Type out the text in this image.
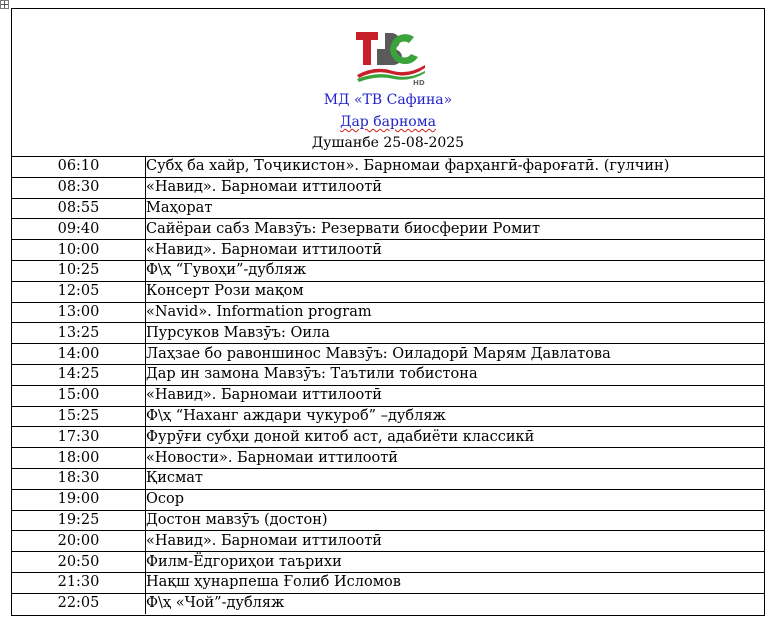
HD
МД «ТВ Сафина»
Дар барнома
Душанбе 25-08-2025
06:10	Субҳ ба хайр, Тоҷикистон». Барномаи фарҳангӣ-фароғатӣ. (гулчин)
08:30	«Навид». Барномаи иттилоотӣ
08:55	Маҳорат
09:40	Сайёраи сабз Мавзӯъ: Резервати биосферии Ромит
10:00	«Навид». Барномаи иттилоотӣ
10:25	Ф\ҳ “Гувоҳи”-дубляж
12:05	Консерт Рози мақом
13:00	«Navid». Information program
13:25	Пурсуков Мавзӯъ: Оила
14:00	Лаҳзае бо равоншинос Мавзӯъ: Оиладорӣ Марям Давлатова
14:25	Дар ин замона Мавзӯъ: Таътили тобистона
15:00	«Навид». Барномаи иттилоотӣ
15:25	Ф\ҳ “Наханг аждари чукуроб” –дубляж
17:30	Фурӯғи субҳи доной китоб аст, адабиёти классикӣ
18:00	«Новости». Барномаи иттилоотӣ
18:30	Қисмат
19:00	Осор
19:25	Достон мавзӯъ (достон)
20:00	«Навид». Барномаи иттилоотӣ
20:50	Филм-Ёдгориҳои таърихи
21:30	Нақш ҳунарпеша Ғолиб Исломов
22:05	Ф\ҳ «Чой”-дубляж
